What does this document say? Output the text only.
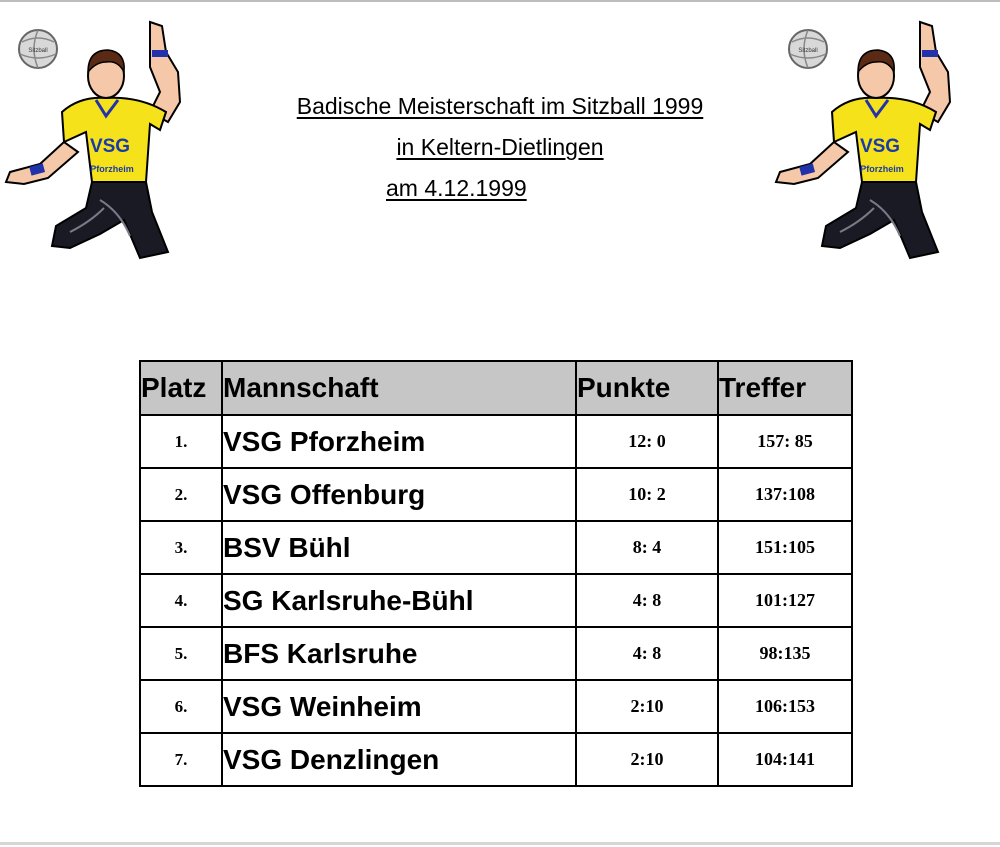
Sitzball
VSG
Pforzheim
Sitzball
VSG
Pforzheim
Badische Meisterschaft im Sitzball 1999
in Keltern-Dietlingen
am 4.12.1999
Platz	Mannschaft	Punkte	Treffer
1.	VSG Pforzheim	12: 0	157: 85
2.	VSG Offenburg	10: 2	137:108
3.	BSV Bühl	8: 4	151:105
4.	SG Karlsruhe-Bühl	4: 8	101:127
5.	BFS Karlsruhe	4: 8	98:135
6.	VSG Weinheim	2:10	106:153
7.	VSG Denzlingen	2:10	104:141
